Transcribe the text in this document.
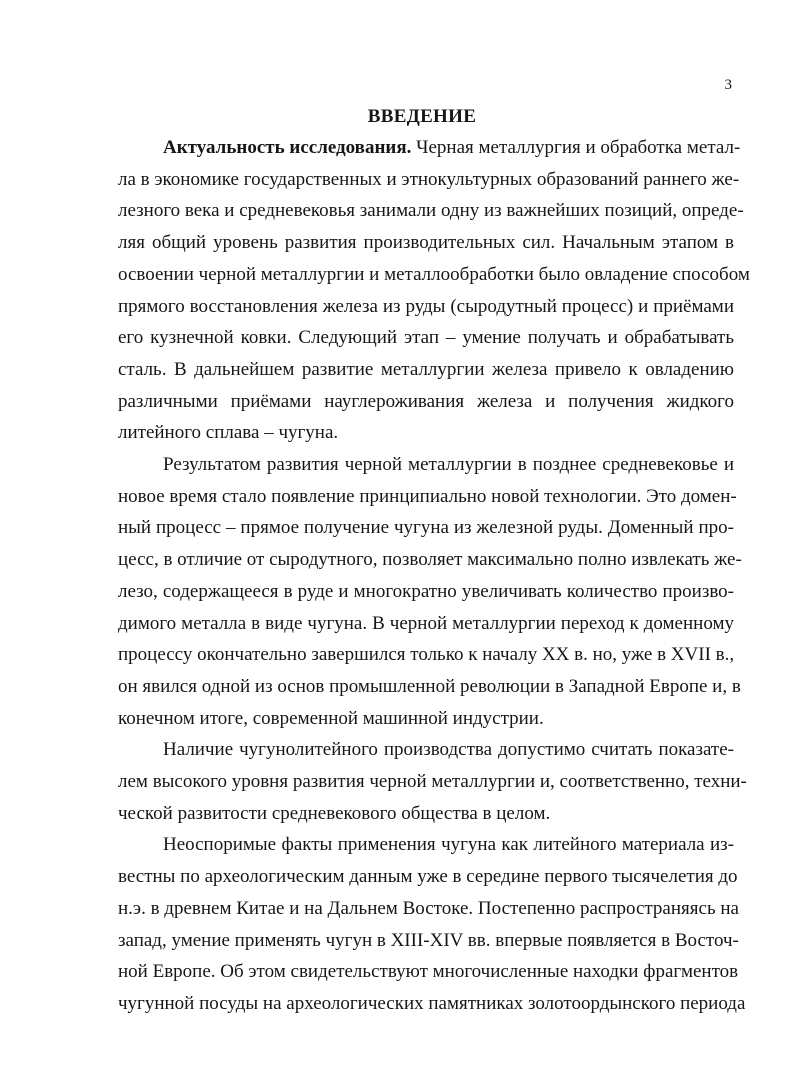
3
ВВЕДЕНИЕ

Актуальность исследования. Черная металлургия и обработка метал-
ла в экономике государственных и этнокультурных образований раннего же-
лезного века и средневековья занимали одну из важнейших позиций, опреде-
ляя общий уровень развития производительных сил. Начальным этапом в
освоении черной металлургии и металлообработки было овладение способом
прямого восстановления железа из руды (сыродутный процесс) и приёмами
его кузнечной ковки. Следующий этап – умение получать и обрабатывать
сталь. В дальнейшем развитие металлургии железа привело к овладению
различными приёмами науглероживания железа и получения жидкого
литейного сплава – чугуна.

Результатом развития черной металлургии в позднее средневековье и
новое время стало появление принципиально новой технологии. Это домен-
ный процесс – прямое получение чугуна из железной руды. Доменный про-
цесс, в отличие от сыродутного, позволяет максимально полно извлекать же-
лезо, содержащееся в руде и многократно увеличивать количество произво-
димого металла в виде чугуна. В черной металлургии переход к доменному
процессу окончательно завершился только к началу XX в. но, уже в XVII в.,
он явился одной из основ промышленной революции в Западной Европе и, в
конечном итоге, современной машинной индустрии.

Наличие чугунолитейного производства допустимо считать показате-
лем высокого уровня развития черной металлургии и, соответственно, техни-
ческой развитости средневекового общества в целом.

Неоспоримые факты применения чугуна как литейного материала из-
вестны по археологическим данным уже в середине первого тысячелетия до
н.э. в древнем Китае и на Дальнем Востоке. Постепенно распространяясь на
запад, умение применять чугун в XIII-XIV вв. впервые появляется в Восточ-
ной Европе. Об этом свидетельствуют многочисленные находки фрагментов
чугунной посуды на археологических памятниках золотоордынского периода
